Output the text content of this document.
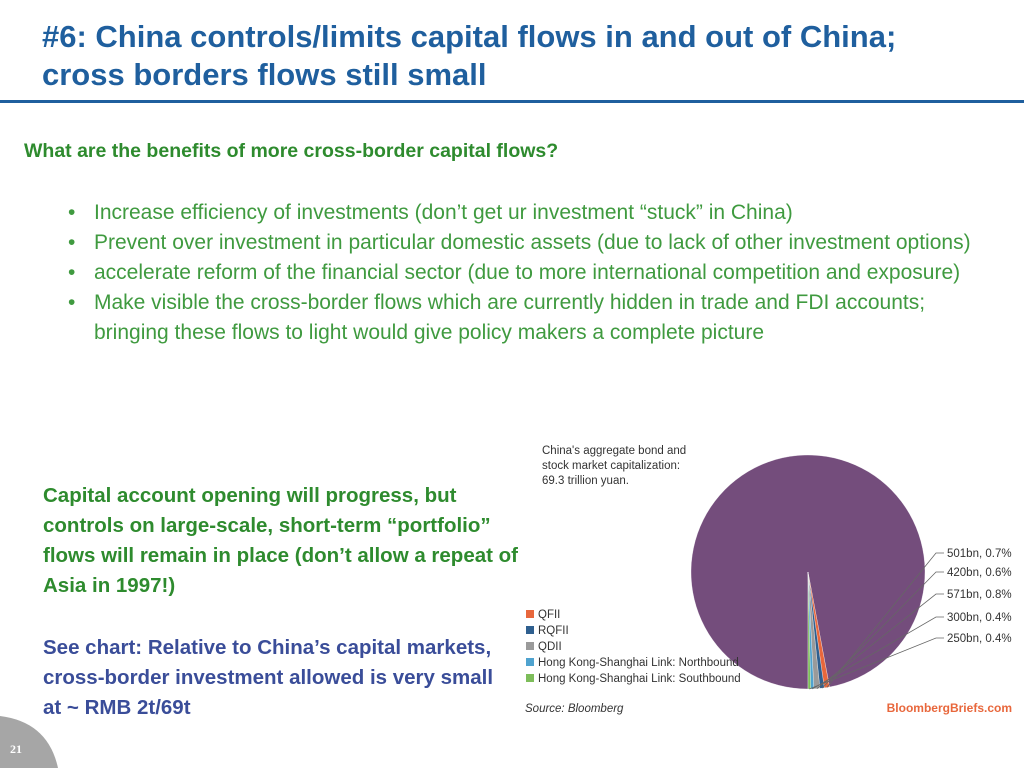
#6: China controls/limits capital flows in and out of China;
cross borders flows still small
What are the benefits of more cross-border capital flows?
• Increase efficiency of investments (don’t get ur investment “stuck” in China)
• Prevent over investment in particular domestic assets (due to lack of other investment options)
• accelerate reform of the financial sector (due to more international competition and exposure)
• Make visible the cross-border flows which are currently hidden in trade and FDI accounts; bringing these flows to light would give policy makers a complete picture
Capital account opening will progress, but controls on large-scale, short-term “portfolio” flows will remain in place (don’t allow a repeat of Asia in 1997!)
See chart: Relative to China’s capital markets, cross-border investment allowed is very small at ~ RMB 2t/69t
China's aggregate bond and
stock market capitalization:
69.3 trillion yuan.
501bn, 0.7%
420bn, 0.6%
571bn, 0.8%
300bn, 0.4%
250bn, 0.4%
QFII
RQFII
QDII
Hong Kong-Shanghai Link: Northbound
Hong Kong-Shanghai Link: Southbound
Source: Bloomberg	BloombergBriefs.com
21
